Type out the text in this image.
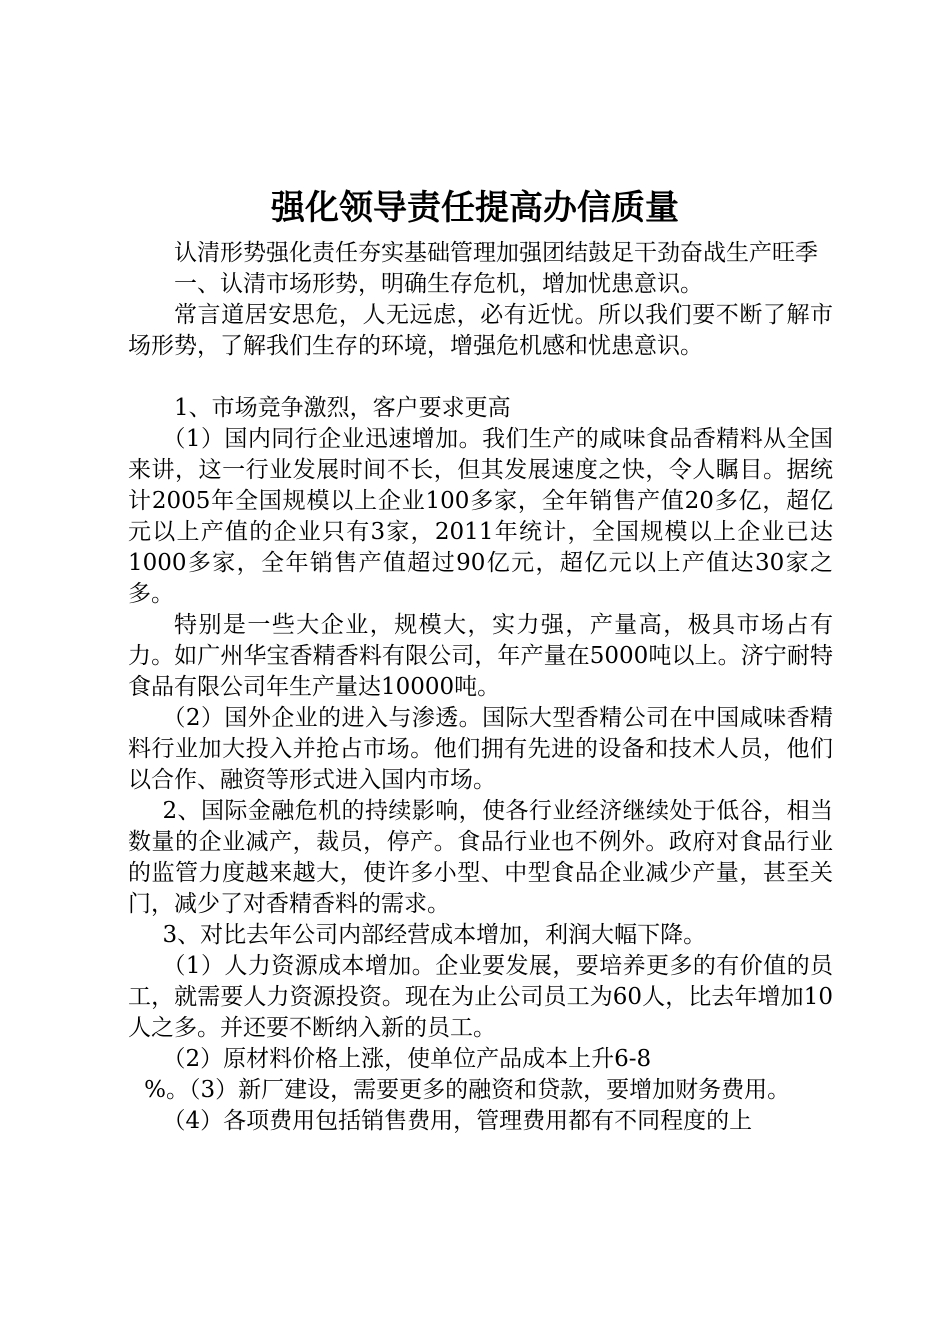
强化领导责任提高办信质量

认清形势强化责任夯实基础管理加强团结鼓足干劲奋战生产旺季

一、认清市场形势，明确生存危机，增加忧患意识。

常言道居安思危，人无远虑，必有近忧。所以我们要不断了解市场形势，了解我们生存的环境，增强危机感和忧患意识。

1、市场竞争激烈，客户要求更高

（1）国内同行企业迅速增加。我们生产的咸味食品香精料从全国来讲，这一行业发展时间不长，但其发展速度之快，令人瞩目。据统计2005年全国规模以上企业100多家，全年销售产值20多亿，超亿元以上产值的企业只有3家，2011年统计，全国规模以上企业已达1000多家，全年销售产值超过90亿元，超亿元以上产值达30家之多。

特别是一些大企业，规模大，实力强，产量高，极具市场占有力。如广州华宝香精香料有限公司，年产量在5000吨以上。济宁耐特食品有限公司年生产量达10000吨。

（2）国外企业的进入与渗透。国际大型香精公司在中国咸味香精料行业加大投入并抢占市场。他们拥有先进的设备和技术人员，他们以合作、融资等形式进入国内市场。

2、国际金融危机的持续影响，使各行业经济继续处于低谷，相当数量的企业减产，裁员，停产。食品行业也不例外。政府对食品行业的监管力度越来越大，使许多小型、中型食品企业减少产量，甚至关门，减少了对香精香料的需求。

3、对比去年公司内部经营成本增加，利润大幅下降。

（1）人力资源成本增加。企业要发展，要培养更多的有价值的员工，就需要人力资源投资。现在为止公司员工为60人，比去年增加10人之多。并还要不断纳入新的员工。

（2）原材料价格上涨，使单位产品成本上升6-8

%。（3）新厂建设，需要更多的融资和贷款，要增加财务费用。

（4）各项费用包括销售费用，管理费用都有不同程度的上
